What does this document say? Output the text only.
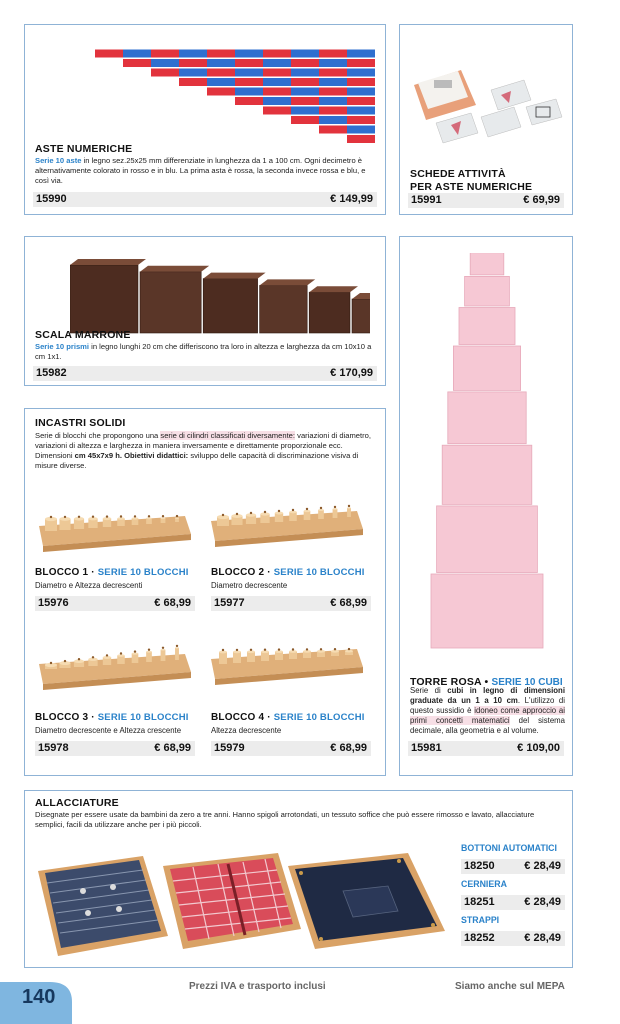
ASTE NUMERICHE
Serie 10 aste in legno sez.25x25 mm differenziate in lunghezza da 1 a 100 cm. Ogni decimetro è alternativamente colorato in rosso e in blu. La prima asta è rossa, la seconda invece rossa e blu, e così via.
15990	€ 149,99
SCHEDE ATTIVITÀ
PER ASTE NUMERICHE
15991	€ 69,99
SCALA MARRONE
Serie 10 prismi in legno lunghi 20 cm che differiscono tra loro in altezza e larghezza da cm 10x10 a cm 1x1.
15982	€ 170,99
INCASTRI SOLIDI
Serie di blocchi che propongono una serie di cilindri classificati diversamente: variazioni di diametro, variazioni di altezza e larghezza in maniera inversamente e direttamente proporzionale ecc. Dimensioni cm 45x7x9 h. Obiettivi didattici: sviluppo delle capacità di discriminazione visiva di misure diverse.
BLOCCO 1 · SERIE 10 BLOCCHI
Diametro e Altezza decrescenti
15976	€ 68,99
BLOCCO 2 · SERIE 10 BLOCCHI
Diametro decrescente
15977	€ 68,99
BLOCCO 3 · SERIE 10 BLOCCHI
Diametro decrescente e Altezza crescente
15978	€ 68,99
BLOCCO 4 · SERIE 10 BLOCCHI
Altezza decrescente
15979	€ 68,99
TORRE ROSA • SERIE 10 CUBI
Serie di cubi in legno di dimensioni graduate da un 1 a 10 cm. L'utilizzo di questo sussidio è idoneo come approccio ai primi concetti matematici del sistema decimale, alla geometria e al volume.
15981	€ 109,00
ALLACCIATURE
Disegnate per essere usate da bambini da zero a tre anni. Hanno spigoli arrotondati, un tessuto soffice che può essere rimosso e lavato, allacciature semplici, facili da utilizzare anche per i più piccoli.
BOTTONI AUTOMATICI
18250	€ 28,49
CERNIERA
18251	€ 28,49
STRAPPI
18252	€ 28,49
140	Prezzi IVA e trasporto inclusi	Siamo anche sul MEPA
